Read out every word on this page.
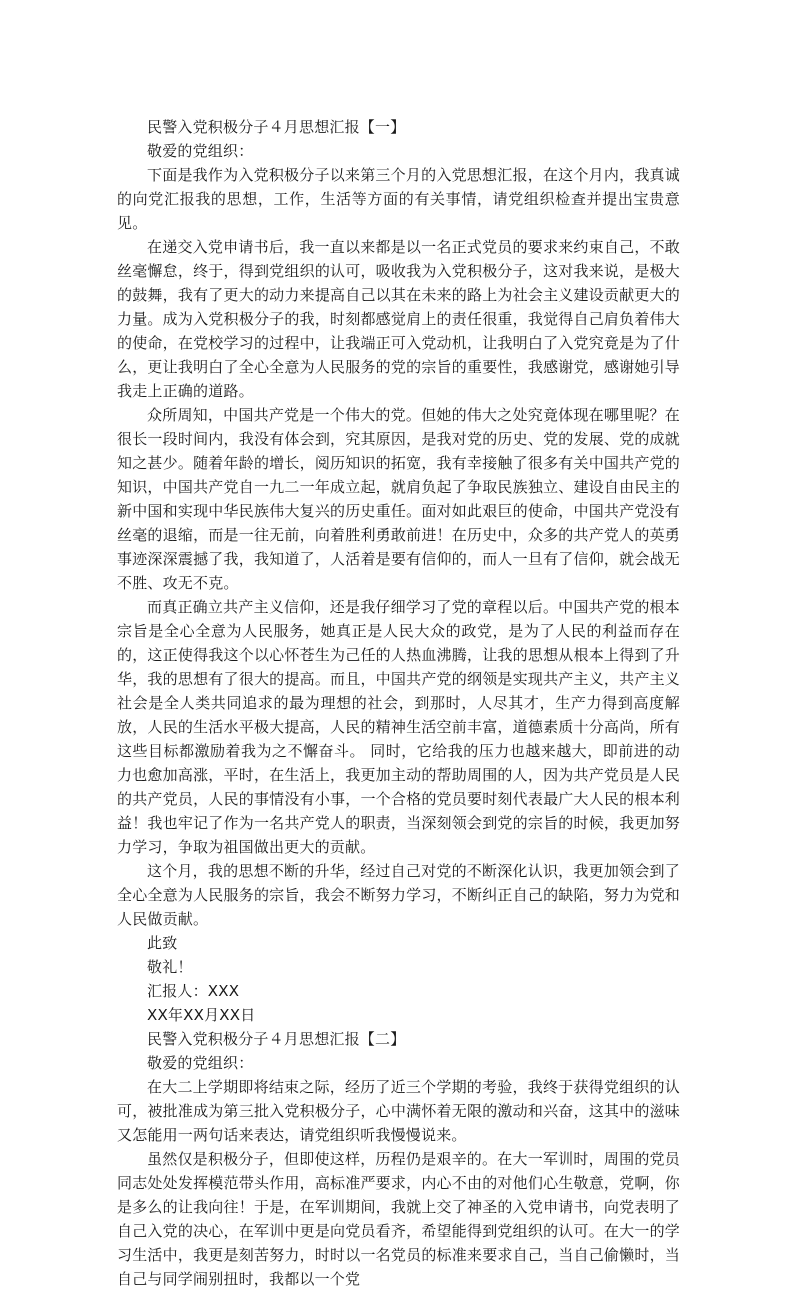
民警入党积极分子４月思想汇报【一】

敬爱的党组织：

下面是我作为入党积极分子以来第三个月的入党思想汇报，在这个月内，我真诚的向党汇报我的思想，工作，生活等方面的有关事情，请党组织检查并提出宝贵意见。

在递交入党申请书后，我一直以来都是以一名正式党员的要求来约束自己，不敢丝毫懈怠，终于，得到党组织的认可，吸收我为入党积极分子，这对我来说，是极大的鼓舞，我有了更大的动力来提高自己以其在未来的路上为社会主义建设贡献更大的力量。成为入党积极分子的我，时刻都感觉肩上的责任很重，我觉得自己肩负着伟大的使命，在党校学习的过程中，让我端正可入党动机，让我明白了入党究竟是为了什么，更让我明白了全心全意为人民服务的党的宗旨的重要性，我感谢党，感谢她引导我走上正确的道路。

众所周知，中国共产党是一个伟大的党。但她的伟大之处究竟体现在哪里呢？在很长一段时间内，我没有体会到，究其原因，是我对党的历史、党的发展、党的成就知之甚少。随着年龄的增长，阅历知识的拓宽，我有幸接触了很多有关中国共产党的知识，中国共产党自一九二一年成立起，就肩负起了争取民族独立、建设自由民主的新中国和实现中华民族伟大复兴的历史重任。面对如此艰巨的使命，中国共产党没有丝毫的退缩，而是一往无前，向着胜利勇敢前进！在历史中，众多的共产党人的英勇事迹深深震撼了我，我知道了，人活着是要有信仰的，而人一旦有了信仰，就会战无不胜、攻无不克。

而真正确立共产主义信仰，还是我仔细学习了党的章程以后。中国共产党的根本宗旨是全心全意为人民服务，她真正是人民大众的政党，是为了人民的利益而存在的，这正使得我这个以心怀苍生为己任的人热血沸腾，让我的思想从根本上得到了升华，我的思想有了很大的提高。而且，中国共产党的纲领是实现共产主义，共产主义社会是全人类共同追求的最为理想的社会，到那时，人尽其才，生产力得到高度解放，人民的生活水平极大提高，人民的精神生活空前丰富，道德素质十分高尚，所有这些目标都激励着我为之不懈奋斗。 同时，它给我的压力也越来越大，即前进的动力也愈加高涨，平时，在生活上，我更加主动的帮助周围的人，因为共产党员是人民的共产党员，人民的事情没有小事，一个合格的党员要时刻代表最广大人民的根本利益！我也牢记了作为一名共产党人的职责，当深刻领会到党的宗旨的时候，我更加努力学习，争取为祖国做出更大的贡献。

这个月，我的思想不断的升华，经过自己对党的不断深化认识，我更加领会到了全心全意为人民服务的宗旨，我会不断努力学习，不断纠正自己的缺陷，努力为党和人民做贡献。

此致

敬礼！

汇报人：XXX

XX年XX月XX日

民警入党积极分子４月思想汇报【二】

敬爱的党组织：

在大二上学期即将结束之际，经历了近三个学期的考验，我终于获得党组织的认可，被批准成为第三批入党积极分子，心中满怀着无限的激动和兴奋，这其中的滋味又怎能用一两句话来表达，请党组织听我慢慢说来。

虽然仅是积极分子，但即使这样，历程仍是艰辛的。在大一军训时，周围的党员同志处处发挥模范带头作用，高标准严要求，内心不由的对他们心生敬意，党啊，你是多么的让我向往！于是，在军训期间，我就上交了神圣的入党申请书，向党表明了自己入党的决心，在军训中更是向党员看齐，希望能得到党组织的认可。在大一的学习生活中，我更是刻苦努力，时时以一名党员的标准来要求自己，当自己偷懒时，当自己与同学闹别扭时，我都以一个党
